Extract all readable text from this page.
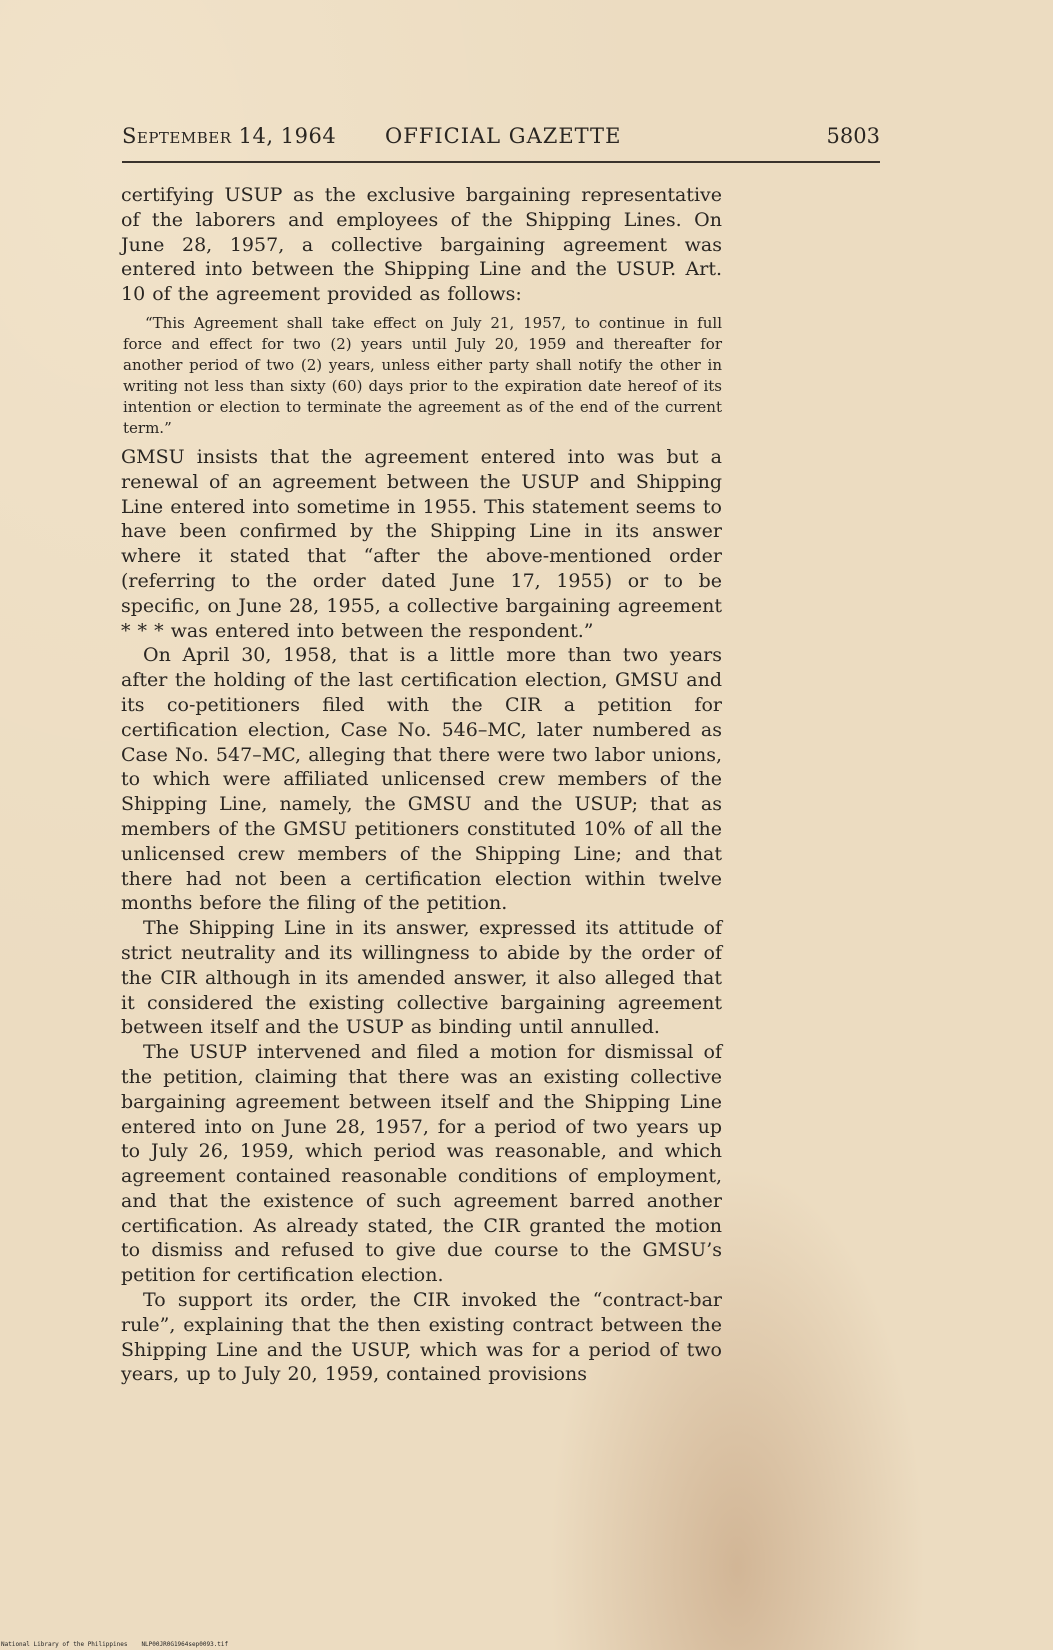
September 14, 1964 OFFICIAL GAZETTE	5803

certifying USUP as the exclusive bargaining representative of the laborers and employees of the Shipping Lines. On June 28, 1957, a collective bargaining agreement was entered into between the Shipping Line and the USUP. Art. 10 of the agreement provided as follows:

“This Agreement shall take effect on July 21, 1957, to continue in full force and effect for two (2) years until July 20, 1959 and thereafter for another period of two (2) years, unless either party shall notify the other in writing not less than sixty (60) days prior to the expiration date hereof of its intention or election to terminate the agreement as of the end of the current term.”

GMSU insists that the agreement entered into was but a renewal of an agreement between the USUP and Shipping Line entered into sometime in 1955. This statement seems to have been confirmed by the Shipping Line in its answer where it stated that “after the above-mentioned order (referring to the order dated June 17, 1955) or to be specific, on June 28, 1955, a collective bargaining agreement * * * was entered into between the respondent.”

On April 30, 1958, that is a little more than two years after the holding of the last certification election, GMSU and its co-petitioners filed with the CIR a petition for certification election, Case No. 546–MC, later numbered as Case No. 547–MC, alleging that there were two labor unions, to which were affiliated unlicensed crew members of the Shipping Line, namely, the GMSU and the USUP; that as members of the GMSU petitioners constituted 10% of all the unlicensed crew members of the Shipping Line; and that there had not been a certification election within twelve months before the filing of the petition.

The Shipping Line in its answer, expressed its attitude of strict neutrality and its willingness to abide by the order of the CIR although in its amended answer, it also alleged that it considered the existing collective bargaining agreement between itself and the USUP as binding until annulled.

The USUP intervened and filed a motion for dismissal of the petition, claiming that there was an existing collective bargaining agreement between itself and the Shipping Line entered into on June 28, 1957, for a period of two years up to July 26, 1959, which period was reasonable, and which agreement contained reasonable conditions of employment, and that the existence of such agreement barred another certification. As already stated, the CIR granted the motion to dismiss and refused to give due course to the GMSU’s petition for certification election.

To support its order, the CIR invoked the “contract-bar rule”, explaining that the then existing contract between the Shipping Line and the USUP, which was for a period of two years, up to July 20, 1959, contained provisions

National Library of the Philippines NLP00JR0G1964sep0093.tif
